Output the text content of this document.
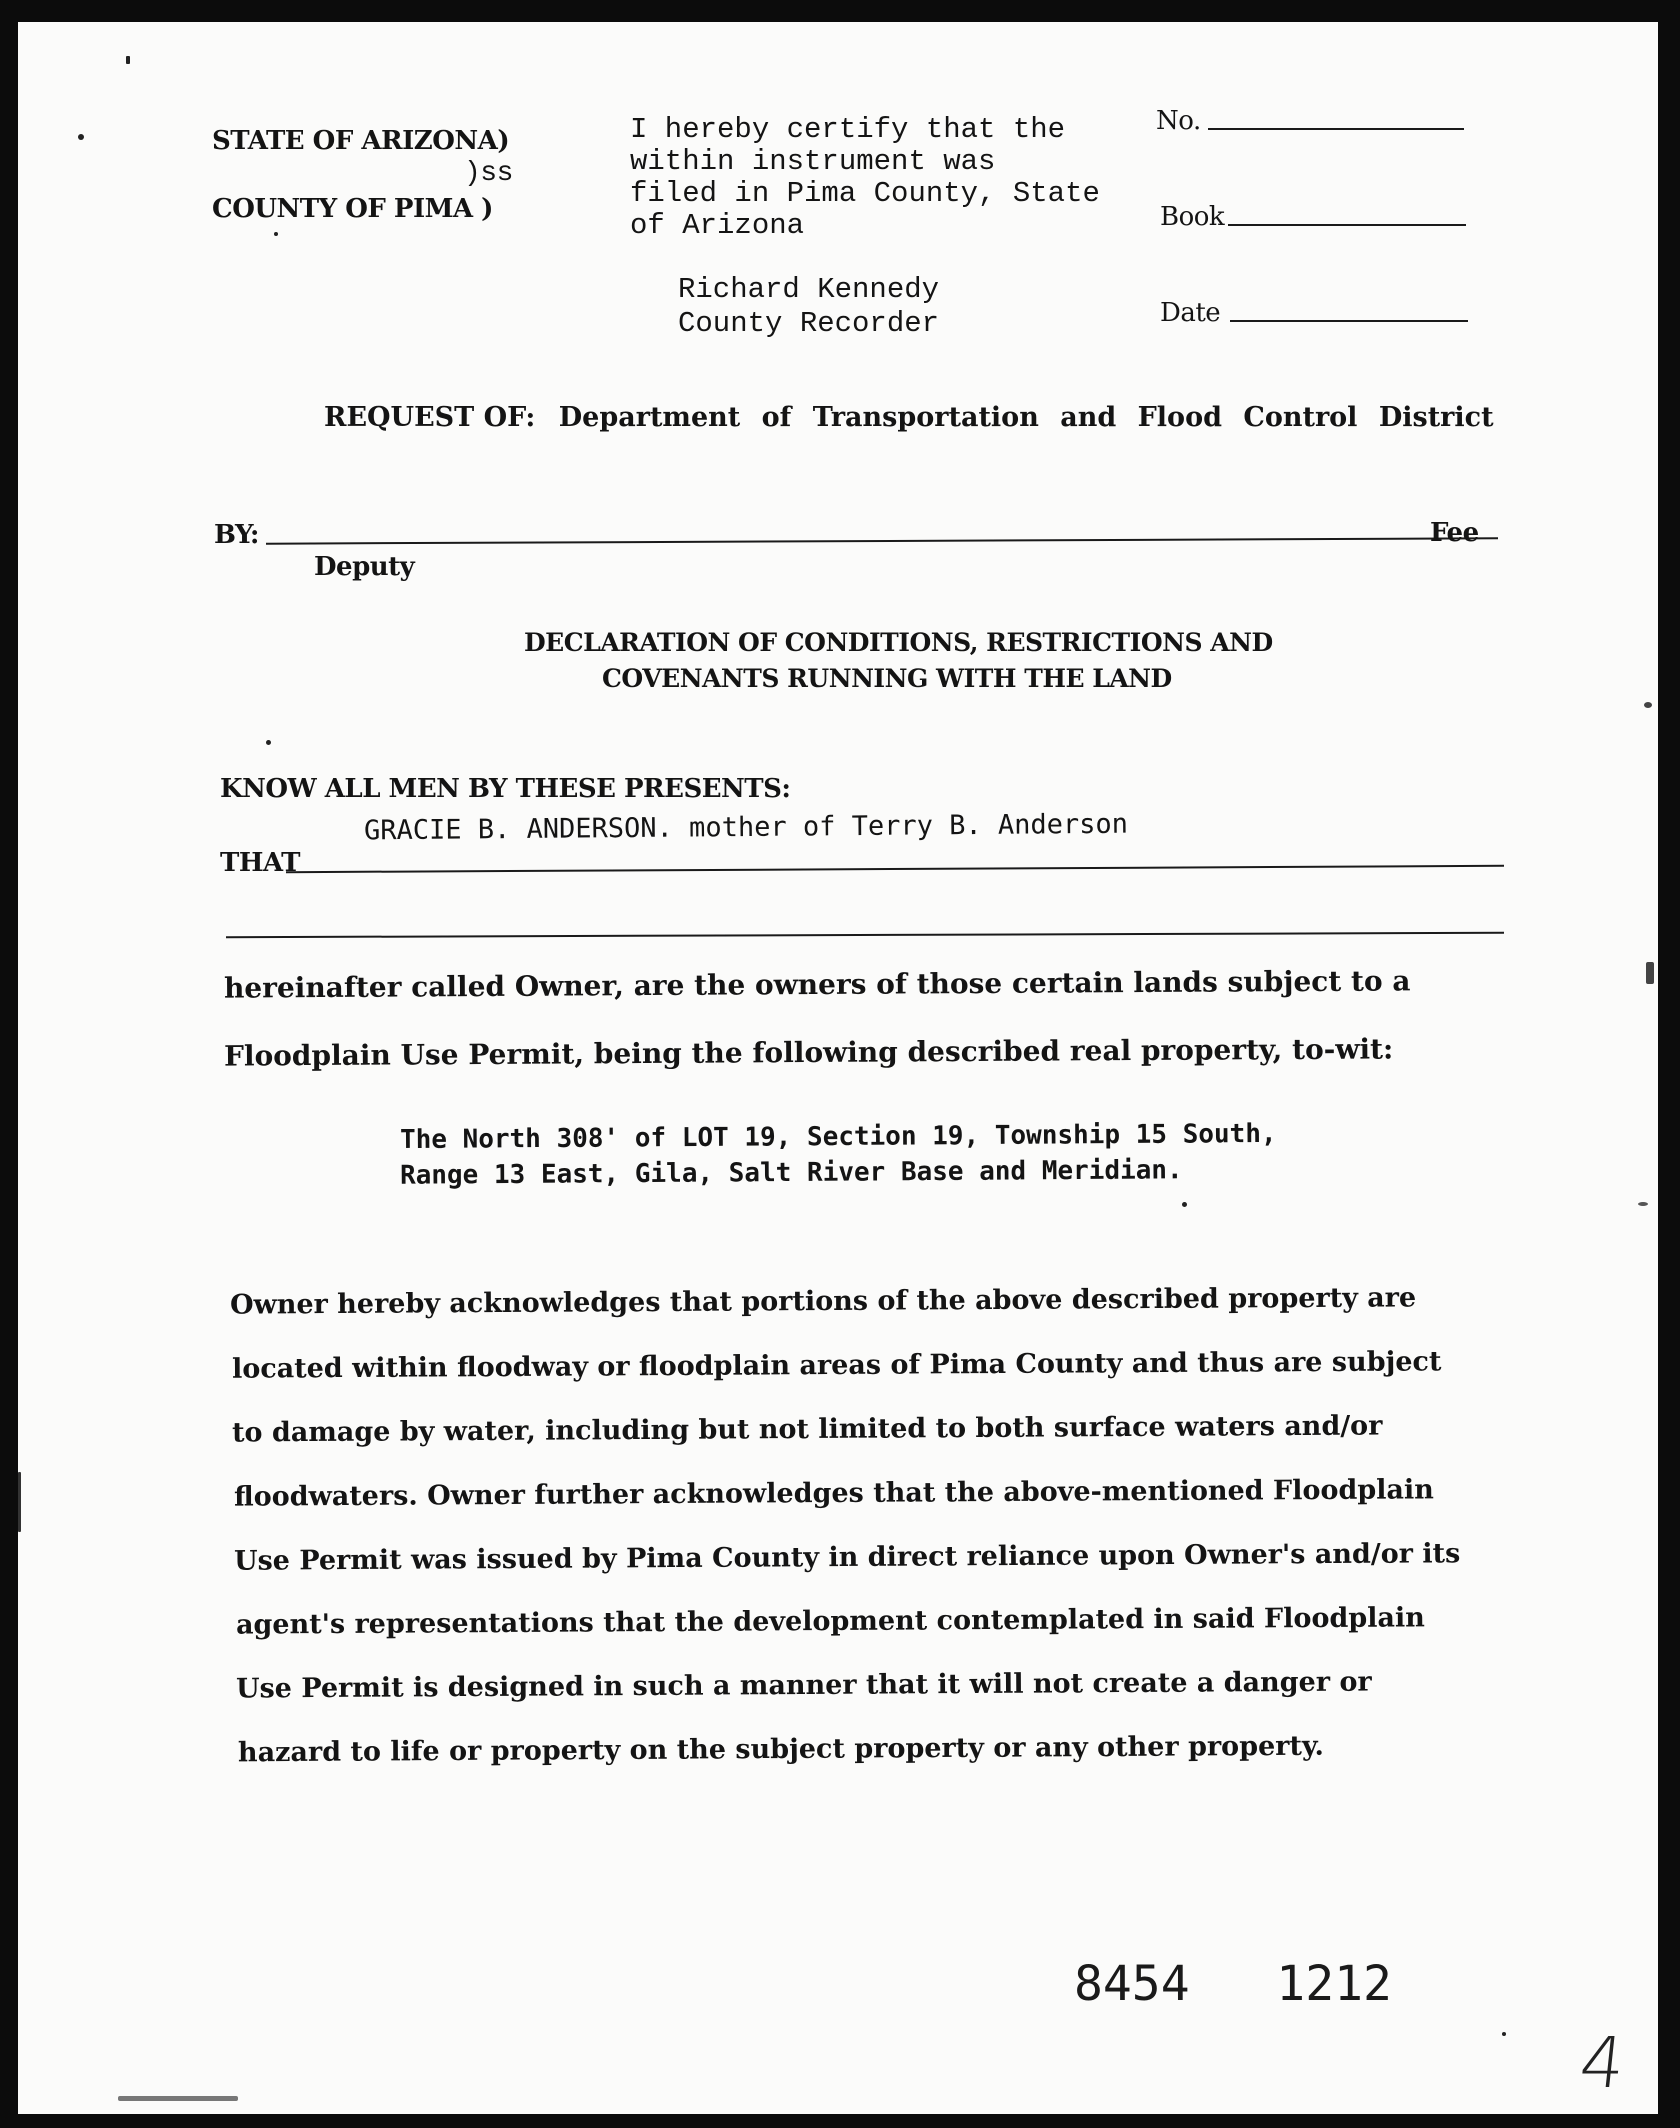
STATE OF ARIZONA)
)ss
COUNTY OF PIMA )
I hereby certify that the
within instrument was
filed in Pima County, State
of Arizona
Richard Kennedy
County Recorder
No.
Book
Date
REQUEST OF: Department of Transportation and Flood Control District
BY:	Fee
Deputy
DECLARATION OF CONDITIONS, RESTRICTIONS AND
COVENANTS RUNNING WITH THE LAND
KNOW ALL MEN BY THESE PRESENTS:
THAT
GRACIE B. ANDERSON. mother of Terry B. Anderson
hereinafter called Owner, are the owners of those certain lands subject to a
Floodplain Use Permit, being the following described real property, to-wit:
The North 308' of LOT 19, Section 19, Township 15 South,
Range 13 East, Gila, Salt River Base and Meridian.
Owner hereby acknowledges that portions of the above described property are
located within floodway or floodplain areas of Pima County and thus are subject
to damage by water, including but not limited to both surface waters and/or
floodwaters. Owner further acknowledges that the above-mentioned Floodplain
Use Permit was issued by Pima County in direct reliance upon Owner's and/or its
agent's representations that the development contemplated in said Floodplain
Use Permit is designed in such a manner that it will not create a danger or
hazard to life or property on the subject property or any other property.
8454   1212
4
